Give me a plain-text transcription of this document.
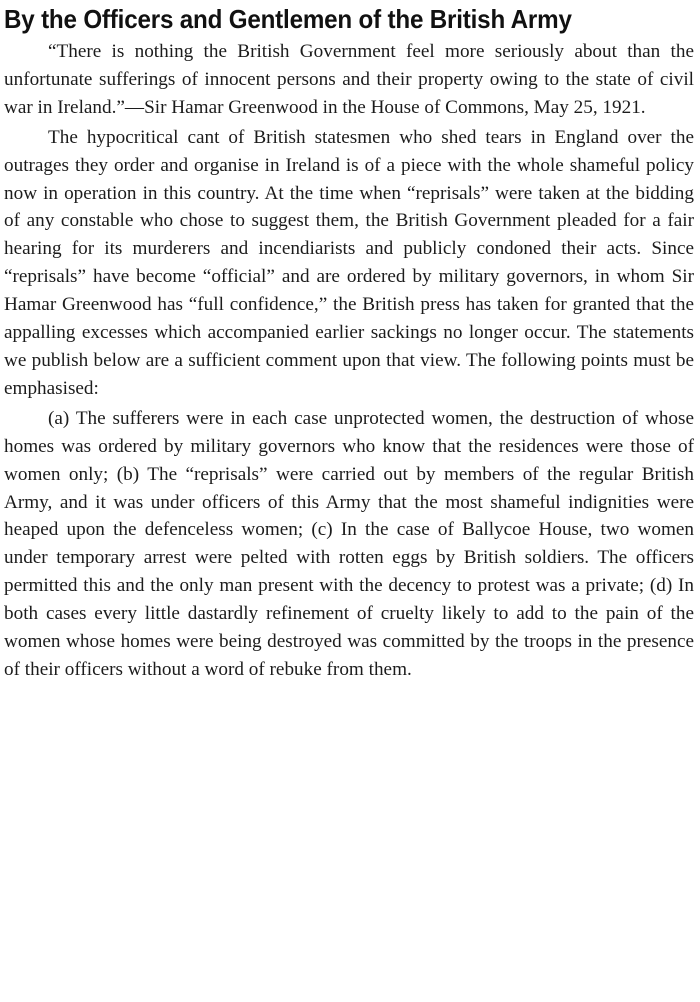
By the Officers and Gentlemen of the British Army

“There is nothing the British Government feel more seriously about than the unfortunate sufferings of innocent persons and their property owing to the state of civil war in Ireland.”—Sir Hamar Greenwood in the House of Commons, May 25, 1921.

The hypocritical cant of British statesmen who shed tears in England over the outrages they order and organise in Ireland is of a piece with the whole shameful policy now in operation in this country. At the time when “reprisals” were taken at the bidding of any constable who chose to suggest them, the British Government pleaded for a fair hearing for its murderers and incendiarists and publicly condoned their acts. Since “reprisals” have become “official” and are ordered by military governors, in whom Sir Hamar Greenwood has “full confidence,” the British press has taken for granted that the appalling excesses which accompanied earlier sackings no longer occur. The statements we publish below are a sufficient comment upon that view. The following points must be emphasised:

(a) The sufferers were in each case unprotected women, the destruction of whose homes was ordered by military governors who know that the residences were those of women only; (b) The “reprisals” were carried out by members of the regular British Army, and it was under officers of this Army that the most shameful indignities were heaped upon the defenceless women; (c) In the case of Ballycoe House, two women under temporary arrest were pelted with rotten eggs by British soldiers. The officers permitted this and the only man present with the decency to protest was a private; (d) In both cases every little dastardly refinement of cruelty likely to add to the pain of the women whose homes were being destroyed was committed by the troops in the presence of their officers without a word of rebuke from them.
